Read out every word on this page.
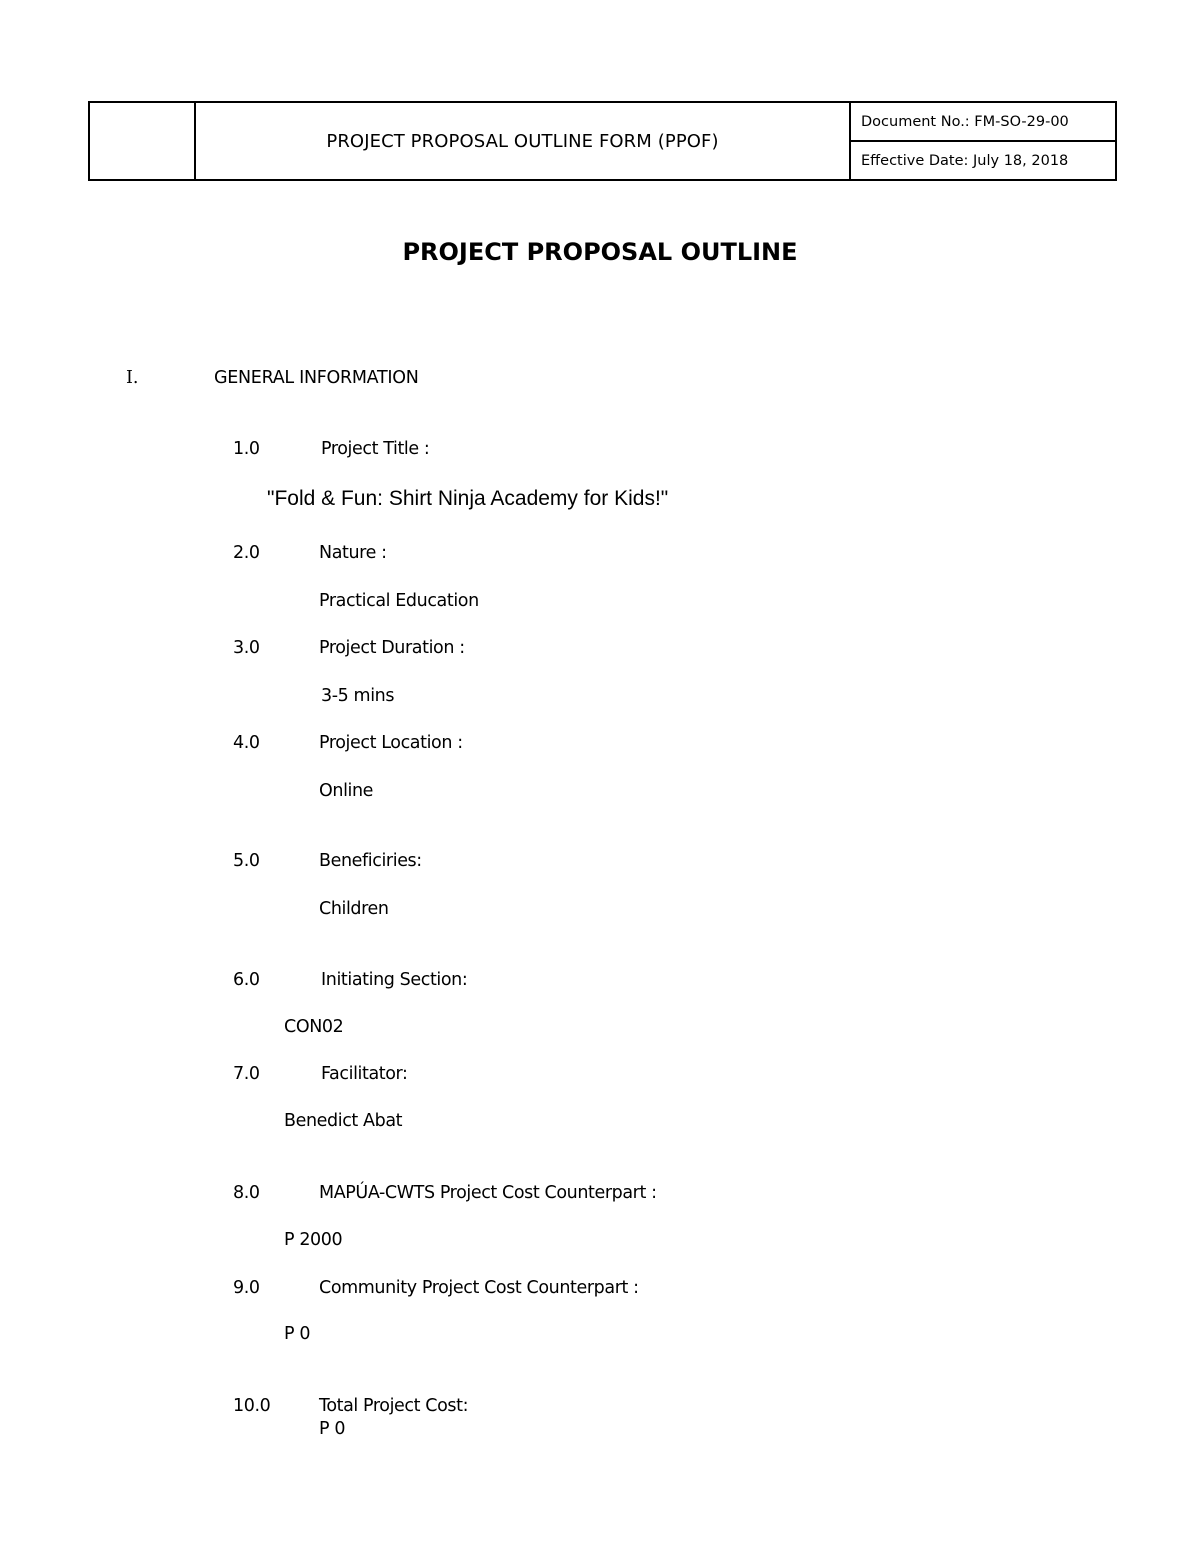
	PROJECT PROPOSAL OUTLINE FORM (PPOF)	
Document No.: FM-SO-29-00
Effective Date: July 18, 2018
PROJECT PROPOSAL OUTLINE
I.	GENERAL INFORMATION
1.0	Project Title :
"Fold & Fun: Shirt Ninja Academy for Kids!"
2.0	Nature :
Practical Education
3.0	Project Duration :
3-5 mins
4.0	Project Location :
Online
5.0	Beneficiries:
Children
6.0	Initiating Section:
CON02
7.0	Facilitator:
Benedict Abat
8.0	MAPÚA-CWTS Project Cost Counterpart :
P 2000
9.0	Community Project Cost Counterpart :
P 0
10.0	Total Project Cost:
P 0
